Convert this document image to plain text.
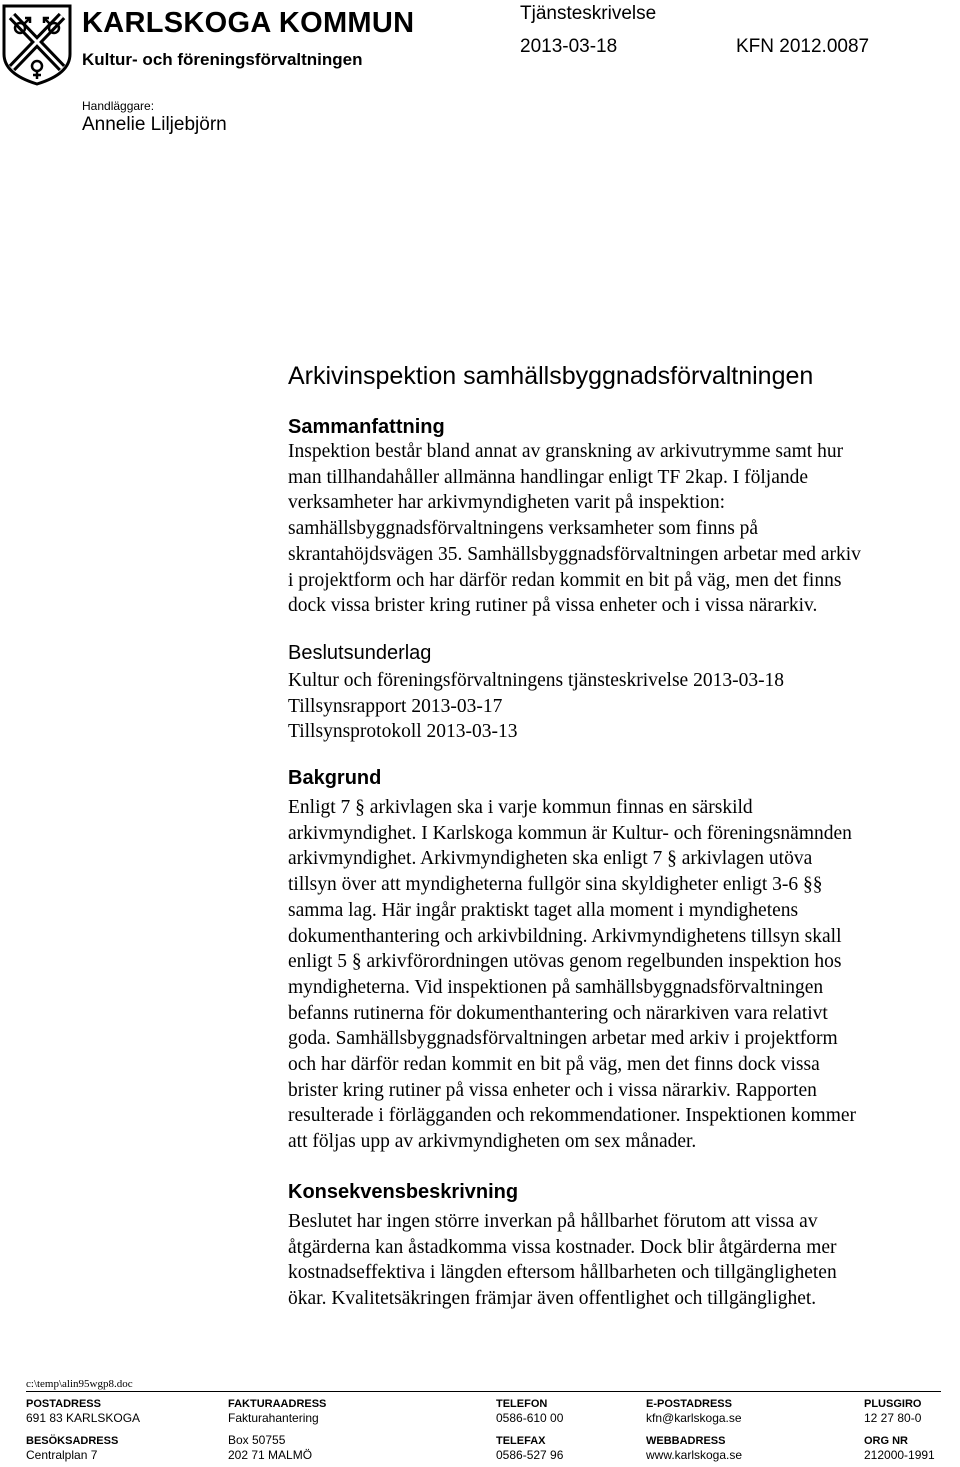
KARLSKOGA KOMMUN
Kultur- och föreningsförvaltningen
Tjänsteskrivelse
2013-03-18	KFN 2012.0087
Handläggare:
Annelie Liljebjörn
Arkivinspektion samhällsbyggnadsförvaltningen
Sammanfattning

Inspektion består bland annat av granskning av arkivutrymme samt hur

man tillhandahåller allmänna handlingar enligt TF 2kap. I följande

verksamheter har arkivmyndigheten varit på inspektion:

samhällsbyggnadsförvaltningens verksamheter som finns på

skrantahöjdsvägen 35. Samhällsbyggnadsförvaltningen arbetar med arkiv

i projektform och har därför redan kommit en bit på väg, men det finns

dock vissa brister kring rutiner på vissa enheter och i vissa närarkiv.

Beslutsunderlag

Kultur och föreningsförvaltningens tjänsteskrivelse 2013-03-18

Tillsynsrapport 2013-03-17

Tillsynsprotokoll 2013-03-13

Bakgrund

Enligt 7 § arkivlagen ska i varje kommun finnas en särskild

arkivmyndighet. I Karlskoga kommun är Kultur- och föreningsnämnden

arkivmyndighet. Arkivmyndigheten ska enligt 7 § arkivlagen utöva

tillsyn över att myndigheterna fullgör sina skyldigheter enligt 3-6 §§

samma lag. Här ingår praktiskt taget alla moment i myndighetens

dokumenthantering och arkivbildning. Arkivmyndighetens tillsyn skall

enligt 5 § arkivförordningen utövas genom regelbunden inspektion hos

myndigheterna. Vid inspektionen på samhällsbyggnadsförvaltningen

befanns rutinerna för dokumenthantering och närarkiven vara relativt

goda. Samhällsbyggnadsförvaltningen arbetar med arkiv i projektform

och har därför redan kommit en bit på väg, men det finns dock vissa

brister kring rutiner på vissa enheter och i vissa närarkiv. Rapporten

resulterade i förlägganden och rekommendationer. Inspektionen kommer

att följas upp av arkivmyndigheten om sex månader.

Konsekvensbeskrivning

Beslutet har ingen större inverkan på hållbarhet förutom att vissa av

åtgärderna kan åstadkomma vissa kostnader. Dock blir åtgärderna mer

kostnadseffektiva i längden eftersom hållbarheten och tillgängligheten

ökar. Kvalitetsäkringen främjar även offentlighet och tillgänglighet.

c:\temp\alin95wgp8.doc
POSTADRESS
691 83 KARLSKOGA
BESÖKSADRESS
Centralplan 7
FAKTURAADRESS
Fakturahantering
Box 50755
202 71 MALMÖ
TELEFON
0586-610 00
TELEFAX
0586-527 96
E-POSTADRESS
kfn@karlskoga.se
WEBBADRESS
www.karlskoga.se
PLUSGIRO
12 27 80-0
ORG NR
212000-1991
